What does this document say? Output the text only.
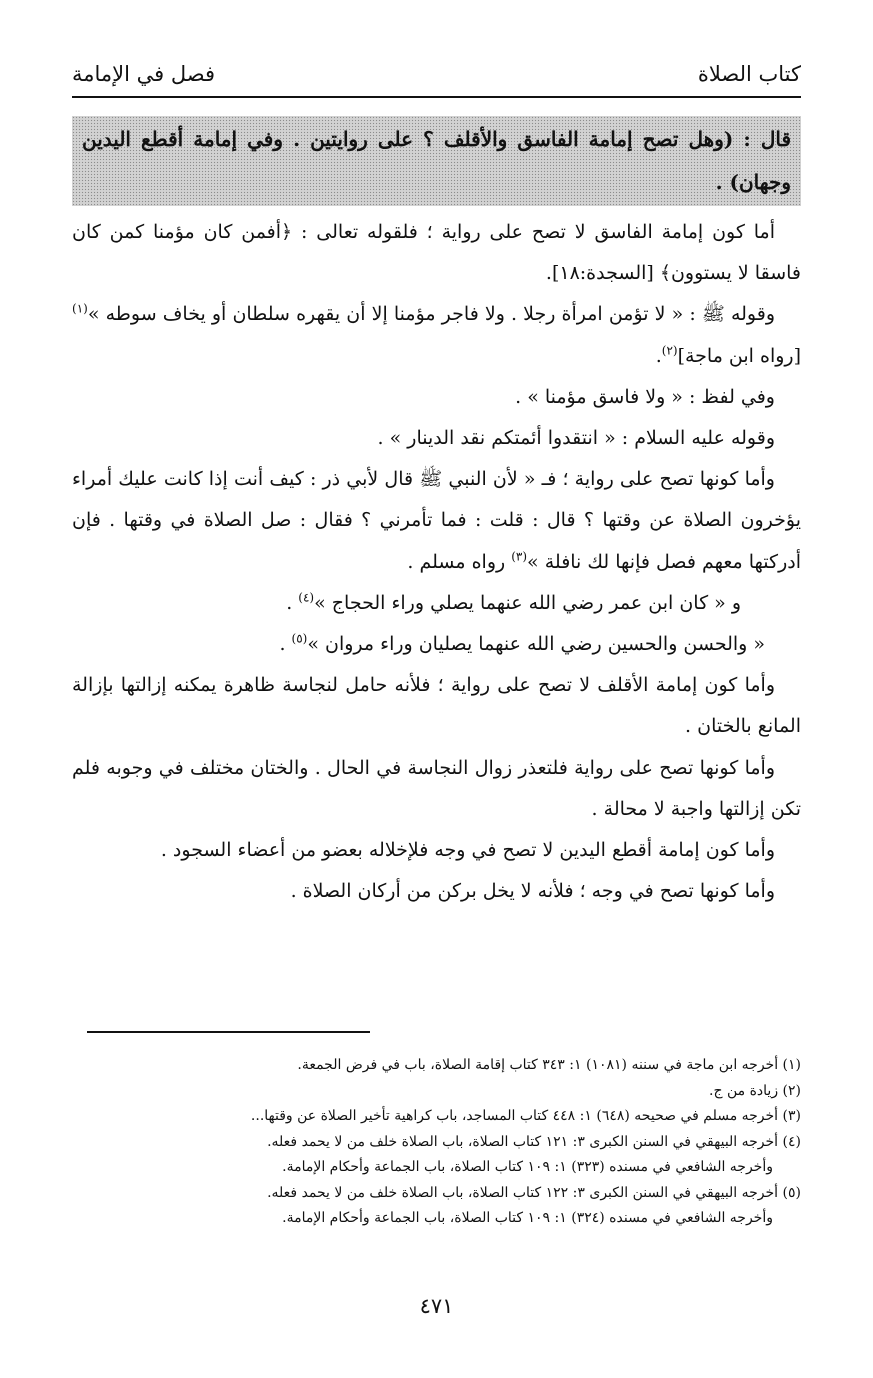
كتاب الصلاة
فصل في الإمامة
قال : (وهل تصح إمامة الفاسق والأقلف ؟ على روايتين . وفي إمامة أقطع اليدين وجهان) .

أما كون إمامة الفاسق لا تصح على رواية ؛ فلقوله تعالى : ﴿أفمن كان مؤمنا كمن كان فاسقا لا يستوون﴾ [السجدة:١٨].

وقوله ﷺ : « لا تؤمن امرأة رجلا . ولا فاجر مؤمنا إلا أن يقهره سلطان أو يخاف سوطه »$^{(١)}$ [رواه ابن ماجة]$^{(٢)}$.

وفي لفظ : « ولا فاسق مؤمنا » .

وقوله عليه السلام : « انتقدوا أئمتكم نقد الدينار » .

وأما كونها تصح على رواية ؛ فـ « لأن النبي ﷺ قال لأبي ذر : كيف أنت إذا كانت عليك أمراء يؤخرون الصلاة عن وقتها ؟ قال : قلت : فما تأمرني ؟ فقال : صل الصلاة في وقتها . فإن أدركتها معهم فصل فإنها لك نافلة »$^{(٣)}$ رواه مسلم .

و « كان ابن عمر رضي الله عنهما يصلي وراء الحجاج »$^{(٤)}$ .

« والحسن والحسين رضي الله عنهما يصليان وراء مروان »$^{(٥)}$ .

وأما كون إمامة الأقلف لا تصح على رواية ؛ فلأنه حامل لنجاسة ظاهرة يمكنه إزالتها بإزالة المانع بالختان .

وأما كونها تصح على رواية فلتعذر زوال النجاسة في الحال . والختان مختلف في وجوبه فلم تكن إزالتها واجبة لا محالة .

وأما كون إمامة أقطع اليدين لا تصح في وجه فلإخلاله بعضو من أعضاء السجود .

وأما كونها تصح في وجه ؛ فلأنه لا يخل بركن من أركان الصلاة .

(١) أخرجه ابن ماجة في سننه (١٠٨١) ١: ٣٤٣ كتاب إقامة الصلاة، باب في فرض الجمعة.

(٢) زيادة من ج.

(٣) أخرجه مسلم في صحيحه (٦٤٨) ١: ٤٤٨ كتاب المساجد، باب كراهية تأخير الصلاة عن وقتها...

(٤) أخرجه البيهقي في السنن الكبرى ٣: ١٢١ كتاب الصلاة، باب الصلاة خلف من لا يحمد فعله.

وأخرجه الشافعي في مسنده (٣٢٣) ١: ١٠٩ كتاب الصلاة، باب الجماعة وأحكام الإمامة.

(٥) أخرجه البيهقي في السنن الكبرى ٣: ١٢٢ كتاب الصلاة، باب الصلاة خلف من لا يحمد فعله.

وأخرجه الشافعي في مسنده (٣٢٤) ١: ١٠٩ كتاب الصلاة، باب الجماعة وأحكام الإمامة.

٤٧١
